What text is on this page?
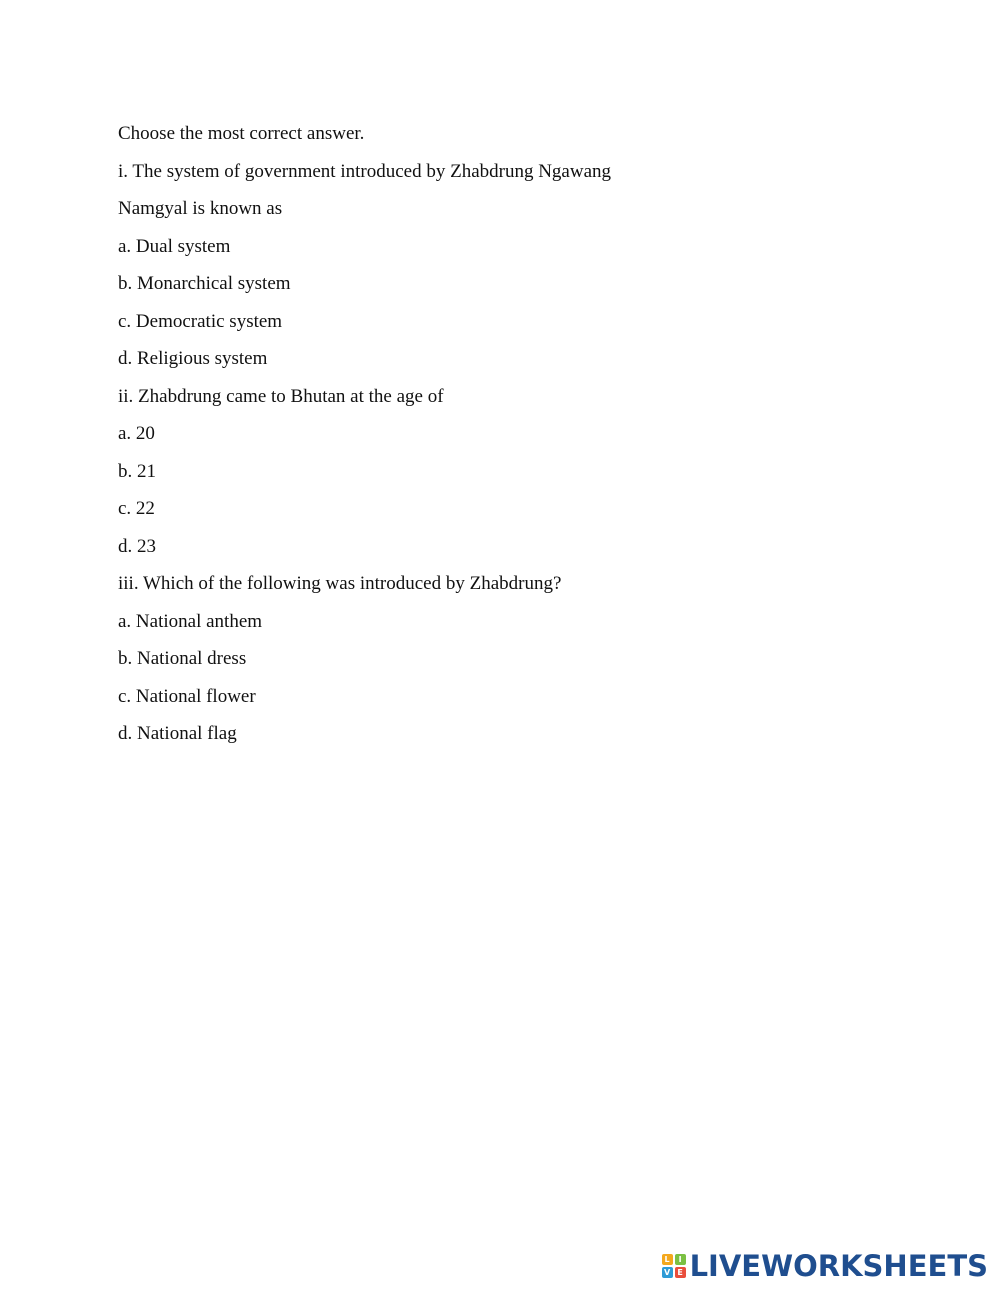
Choose the most correct answer.
i. The system of government introduced by Zhabdrung Ngawang
Namgyal is known as
a. Dual system
b. Monarchical system
c. Democratic system
d. Religious system
ii. Zhabdrung came to Bhutan at the age of
a. 20
b. 21
c. 22
d. 23
iii. Which of the following was introduced by Zhabdrung?
a. National anthem
b. National dress
c. National flower
d. National flag
L	I
V E LIVEWORKSHEETS
